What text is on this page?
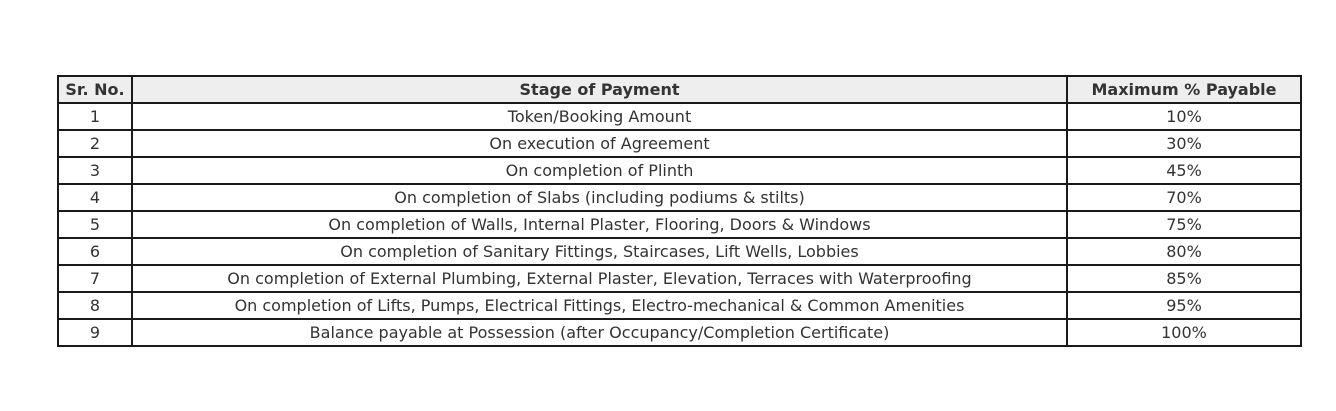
Sr. No.	Stage of Payment	Maximum % Payable
1	Token/Booking Amount	10%
2	On execution of Agreement	30%
3	On completion of Plinth	45%
4	On completion of Slabs (including podiums & stilts)	70%
5	On completion of Walls, Internal Plaster, Flooring, Doors & Windows	75%
6	On completion of Sanitary Fittings, Staircases, Lift Wells, Lobbies	80%
7	On completion of External Plumbing, External Plaster, Elevation, Terraces with Waterproofing	85%
8	On completion of Lifts, Pumps, Electrical Fittings, Electro-mechanical & Common Amenities	95%
9	Balance payable at Possession (after Occupancy/Completion Certificate)	100%
